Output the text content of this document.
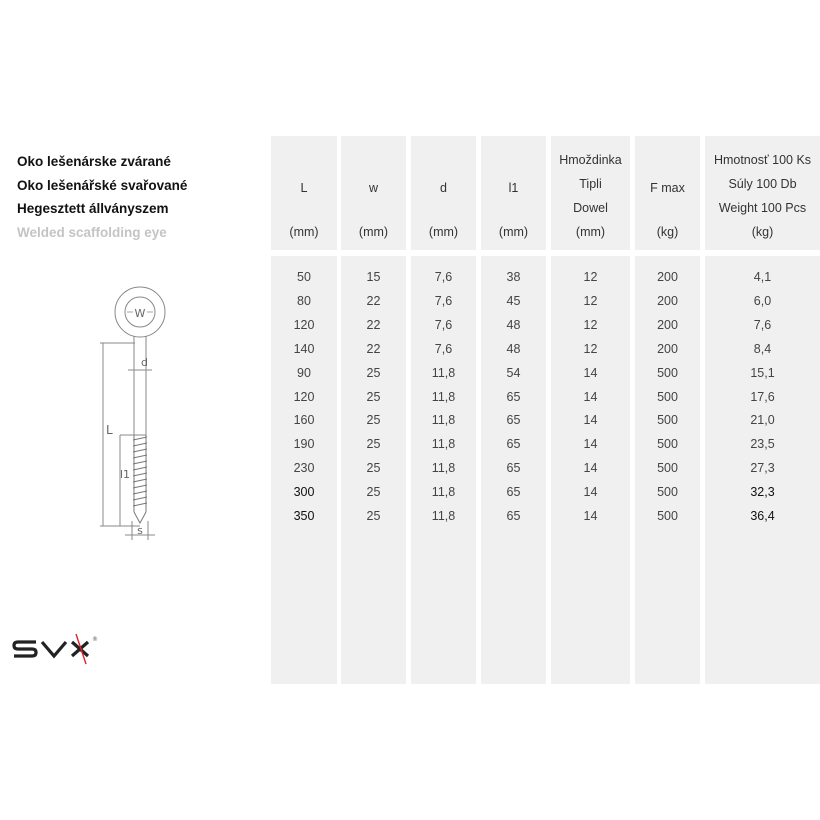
Oko lešenárske zvárané
Oko lešenářské svařované
Hegesztett állványszem
Welded scaffolding eye
W
d
L
l1
s
®
L
(mm)
50
80
120
140
90
120
160
190
230
300
350
w
(mm)
15
22
22
22
25
25
25
25
25
25
25
d
(mm)
7,6
7,6
7,6
7,6
11,8
11,8
11,8
11,8
11,8
11,8
11,8
l1
(mm)
38
45
48
48
54
65
65
65
65
65
65
Hmoždinka
Tipli
Dowel
(mm)
12
12
12
12
14
14
14
14
14
14
14
F max
(kg)
200
200
200
200
500
500
500
500
500
500
500
Hmotnosť 100 Ks
Súly 100 Db
Weight 100 Pcs
(kg)
4,1
6,0
7,6
8,4
15,1
17,6
21,0
23,5
27,3
32,3
36,4
